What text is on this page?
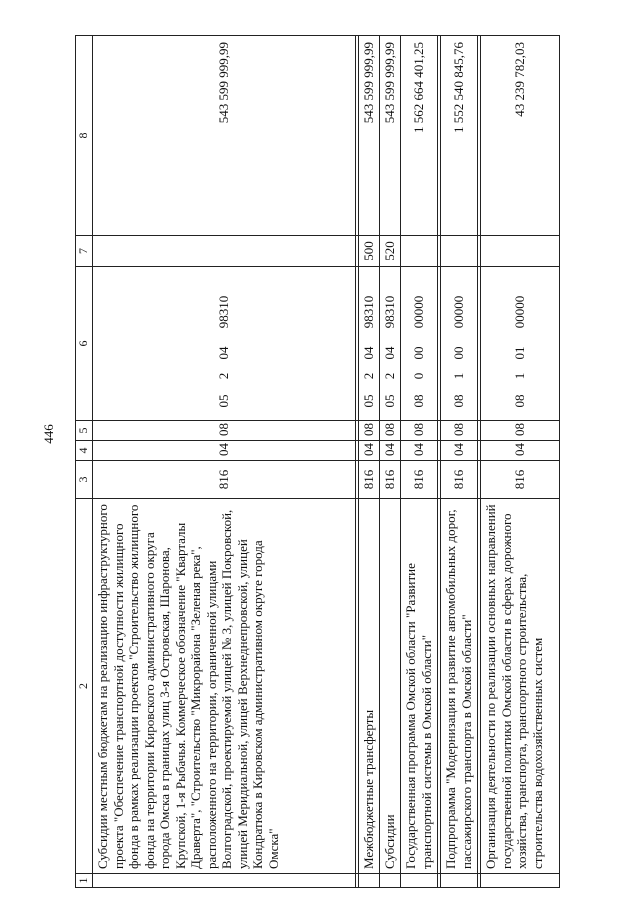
446
1	2	3	4	5	6	7	8
	Субсидии местным бюджетам на реализацию инфраструктурного проекта "Обеспечение транспортной доступности жилищного фонда в рамках реализации проектов "Строительство жилищного фонда на территории Кировского административного округа города Омска в границах улиц 3-я Островская, Шаронова, Крупской, 1-я Рыбачья. Коммерческое обозначение "Кварталы Драверта", "Строительство "Микрорайона "Зеленая река", расположенного на территории, ограниченной улицами Волгоградской, проектируемой улицей № 3, улицей Покровской, улицей Меридиальной, улицей Верхнеднепровской, улицей Кондратюка в Кировском административном округе города Омска"	816	04	08	0520498310		543 599 999,99

	Межбюджетные трансферты	816	04	08	0520498310	500	543 599 999,99
	Субсидии	816	04	08	0520498310	520	543 599 999,99
	Государственная программа Омской области "Развитие транспортной системы в Омской области"	816	04	08	0800000000		1 562 664 401,25

	Подпрограмма "Модернизация и развитие автомобильных дорог, пассажирского транспорта в Омской области"	816	04	08	0810000000		1 552 540 845,76

	Организация деятельности по реализации основных направлений государственной политики Омской области в сферах дорожного хозяйства, транспорта, транспортного строительства, строительства водохозяйственных систем	816	04	08	0810100000		43 239 782,03
